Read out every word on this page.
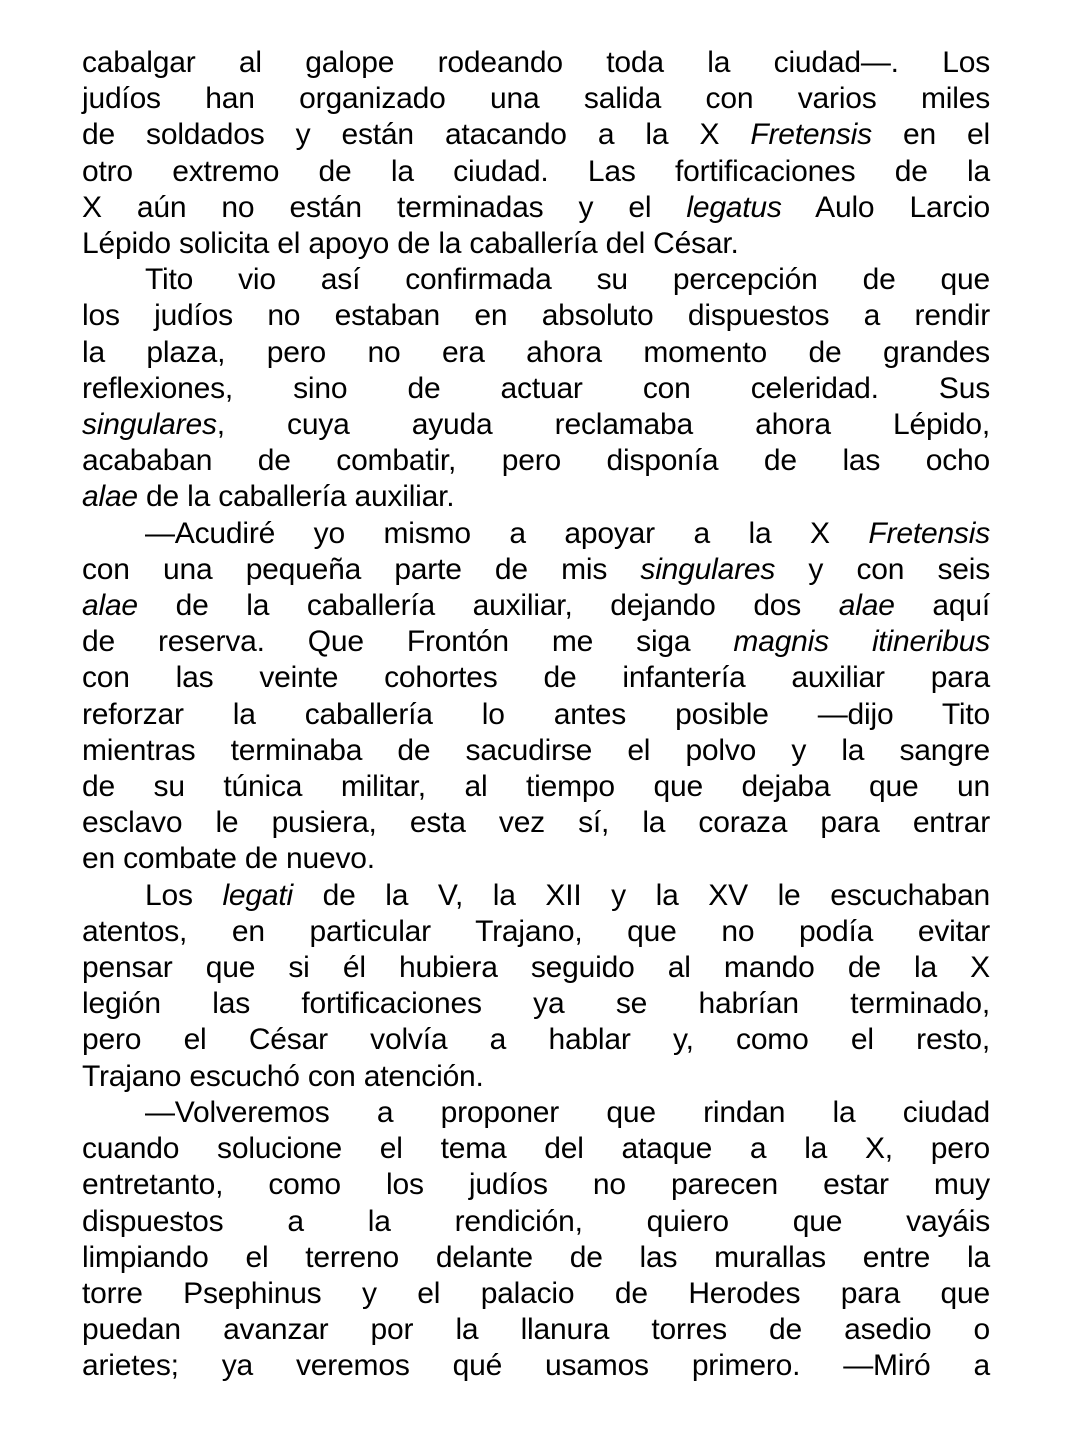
cabalgar al galope rodeando toda la ciudad—. Los
judíos han organizado una salida con varios miles
de soldados y están atacando a la X Fretensis en el
otro extremo de la ciudad. Las fortificaciones de la
X aún no están terminadas y el legatus Aulo Larcio
Lépido solicita el apoyo de la caballería del César.
Tito vio así confirmada su percepción de que
los judíos no estaban en absoluto dispuestos a rendir
la plaza, pero no era ahora momento de grandes
reflexiones, sino de actuar con celeridad. Sus
singulares, cuya ayuda reclamaba ahora Lépido,
acababan de combatir, pero disponía de las ocho
alae de la caballería auxiliar.
—Acudiré yo mismo a apoyar a la X Fretensis
con una pequeña parte de mis singulares y con seis
alae de la caballería auxiliar, dejando dos alae aquí
de reserva. Que Frontón me siga magnis itineribus
con las veinte cohortes de infantería auxiliar para
reforzar la caballería lo antes posible —dijo Tito
mientras terminaba de sacudirse el polvo y la sangre
de su túnica militar, al tiempo que dejaba que un
esclavo le pusiera, esta vez sí, la coraza para entrar
en combate de nuevo.
Los legati de la V, la XII y la XV le escuchaban
atentos, en particular Trajano, que no podía evitar
pensar que si él hubiera seguido al mando de la X
legión las fortificaciones ya se habrían terminado,
pero el César volvía a hablar y, como el resto,
Trajano escuchó con atención.
—Volveremos a proponer que rindan la ciudad
cuando solucione el tema del ataque a la X, pero
entretanto, como los judíos no parecen estar muy
dispuestos a la rendición, quiero que vayáis
limpiando el terreno delante de las murallas entre la
torre Psephinus y el palacio de Herodes para que
puedan avanzar por la llanura torres de asedio o
arietes; ya veremos qué usamos primero. —Miró a
